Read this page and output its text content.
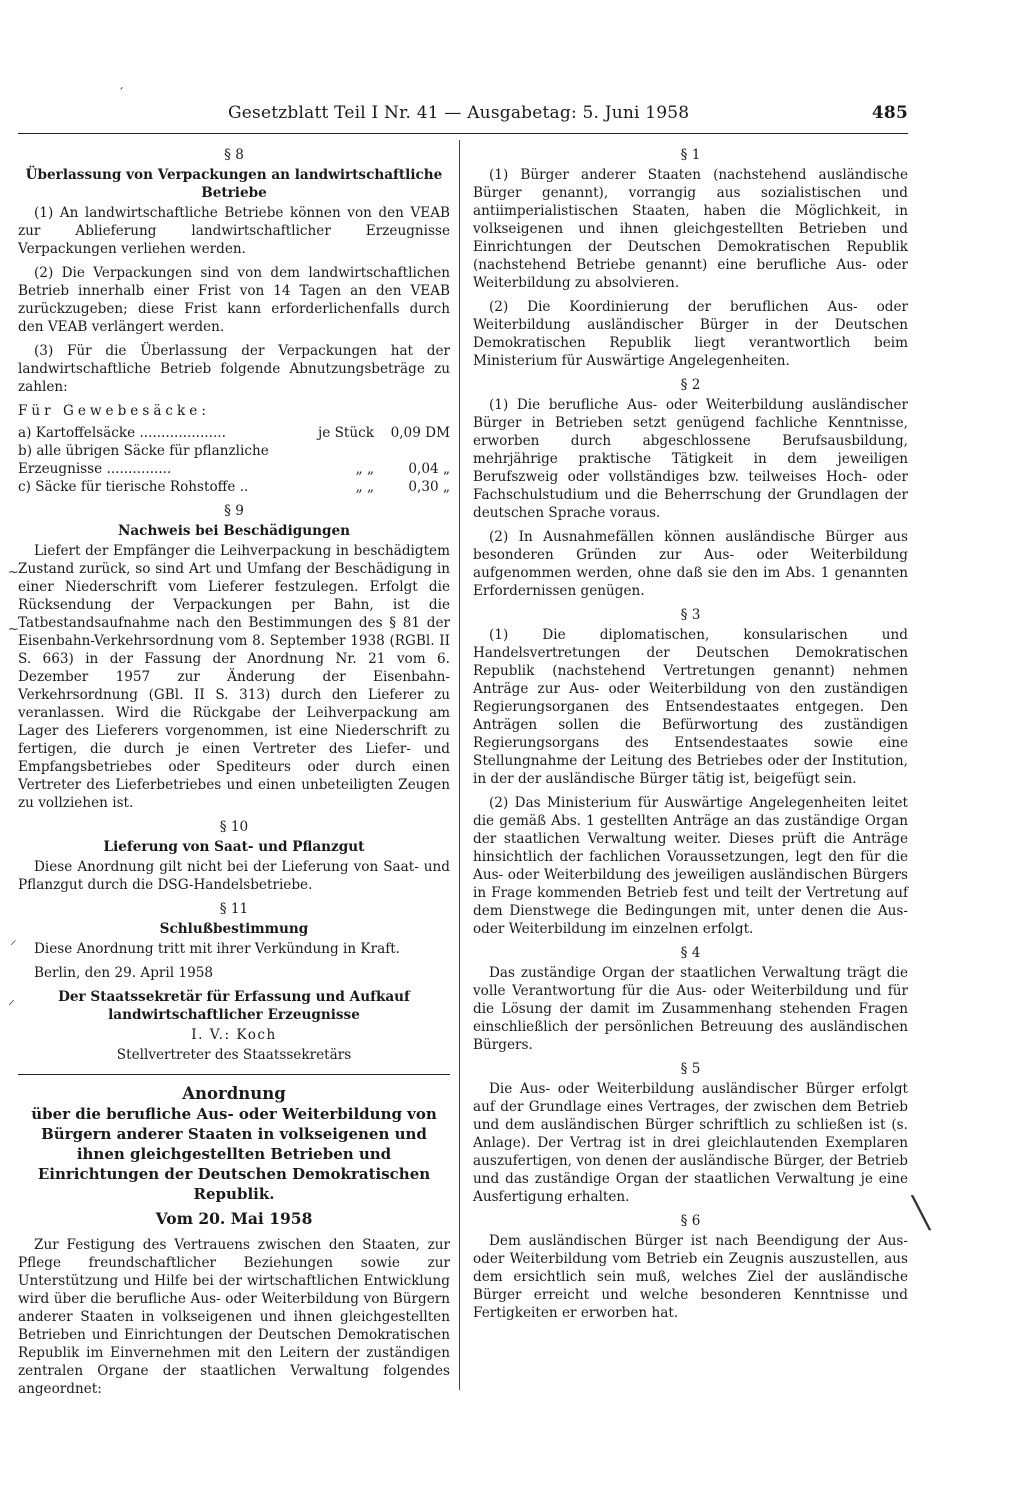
Gesetzblatt Teil I Nr. 41 — Ausgabetag: 5. Juni 1958	485
ˊ
~
~
⸝
⸝
╲
§ 8
Überlassung von Verpackungen an landwirtschaftliche Betriebe

(1) An landwirtschaftliche Betriebe können von den VEAB zur Ablieferung landwirtschaftlicher Erzeugnisse Verpackungen verliehen werden.

(2) Die Verpackungen sind von dem landwirtschaftlichen Betrieb innerhalb einer Frist von 14 Tagen an den VEAB zurückzugeben; diese Frist kann erforderlichenfalls durch den VEAB verlängert werden.

(3) Für die Überlassung der Verpackungen hat der landwirtschaftliche Betrieb folgende Abnutzungsbeträge zu zahlen:

Für Gewebesäcke:
a) Kartoffelsäcke ....................	je Stück	0,09 DM
b) alle übrigen Säcke für pflanzliche Erzeugnisse ...............	„ „	0,04 „
c) Säcke für tierische Rohstoffe ..	„ „	0,30 „
§ 9
Nachweis bei Beschädigungen

Liefert der Empfänger die Leihverpackung in beschädigtem Zustand zurück, so sind Art und Umfang der Beschädigung in einer Niederschrift vom Lieferer festzulegen. Erfolgt die Rücksendung der Verpackungen per Bahn, ist die Tatbestandsaufnahme nach den Bestimmungen des § 81 der Eisenbahn-Verkehrsordnung vom 8. September 1938 (RGBl. II S. 663) in der Fassung der Anordnung Nr. 21 vom 6. Dezember 1957 zur Änderung der Eisenbahn-Verkehrsordnung (GBl. II S. 313) durch den Lieferer zu veranlassen. Wird die Rückgabe der Leihverpackung am Lager des Lieferers vorgenommen, ist eine Niederschrift zu fertigen, die durch je einen Vertreter des Liefer- und Empfangsbetriebes oder Spediteurs oder durch einen Vertreter des Lieferbetriebes und einen unbeteiligten Zeugen zu vollziehen ist.

§ 10
Lieferung von Saat- und Pflanzgut

Diese Anordnung gilt nicht bei der Lieferung von Saat- und Pflanzgut durch die DSG-Handelsbetriebe.

§ 11
Schlußbestimmung

Diese Anordnung tritt mit ihrer Verkündung in Kraft.

Berlin, den 29. April 1958

Der Staatssekretär für Erfassung und Aufkauf landwirtschaftlicher Erzeugnisse
I. V.: Koch
Stellvertreter des Staatssekretärs
Anordnung
über die berufliche Aus- oder Weiterbildung von Bürgern anderer Staaten in volkseigenen und ihnen gleichgestellten Betrieben und Einrichtungen der Deutschen Demokratischen Republik.
Vom 20. Mai 1958

Zur Festigung des Vertrauens zwischen den Staaten, zur Pflege freundschaftlicher Beziehungen sowie zur Unterstützung und Hilfe bei der wirtschaftlichen Entwicklung wird über die berufliche Aus- oder Weiterbildung von Bürgern anderer Staaten in volkseigenen und ihnen gleichgestellten Betrieben und Einrichtungen der Deutschen Demokratischen Republik im Einvernehmen mit den Leitern der zuständigen zentralen Organe der staatlichen Verwaltung folgendes angeordnet:

§ 1

(1) Bürger anderer Staaten (nachstehend ausländische Bürger genannt), vorrangig aus sozialistischen und antiimperialistischen Staaten, haben die Möglichkeit, in volkseigenen und ihnen gleichgestellten Betrieben und Einrichtungen der Deutschen Demokratischen Republik (nachstehend Betriebe genannt) eine berufliche Aus- oder Weiterbildung zu absolvieren.

(2) Die Koordinierung der beruflichen Aus- oder Weiterbildung ausländischer Bürger in der Deutschen Demokratischen Republik liegt verantwortlich beim Ministerium für Auswärtige Angelegenheiten.

§ 2

(1) Die berufliche Aus- oder Weiterbildung ausländischer Bürger in Betrieben setzt genügend fachliche Kenntnisse, erworben durch abgeschlossene Berufsausbildung, mehrjährige praktische Tätigkeit in dem jeweiligen Berufszweig oder vollständiges bzw. teilweises Hoch- oder Fachschulstudium und die Beherrschung der Grundlagen der deutschen Sprache voraus.

(2) In Ausnahmefällen können ausländische Bürger aus besonderen Gründen zur Aus- oder Weiterbildung aufgenommen werden, ohne daß sie den im Abs. 1 genannten Erfordernissen genügen.

§ 3

(1) Die diplomatischen, konsularischen und Handelsvertretungen der Deutschen Demokratischen Republik (nachstehend Vertretungen genannt) nehmen Anträge zur Aus- oder Weiterbildung von den zuständigen Regierungsorganen des Entsendestaates entgegen. Den Anträgen sollen die Befürwortung des zuständigen Regierungsorgans des Entsendestaates sowie eine Stellungnahme der Leitung des Betriebes oder der Institution, in der der ausländische Bürger tätig ist, beigefügt sein.

(2) Das Ministerium für Auswärtige Angelegenheiten leitet die gemäß Abs. 1 gestellten Anträge an das zuständige Organ der staatlichen Verwaltung weiter. Dieses prüft die Anträge hinsichtlich der fachlichen Voraussetzungen, legt den für die Aus- oder Weiterbildung des jeweiligen ausländischen Bürgers in Frage kommenden Betrieb fest und teilt der Vertretung auf dem Dienstwege die Bedingungen mit, unter denen die Aus- oder Weiterbildung im einzelnen erfolgt.

§ 4

Das zuständige Organ der staatlichen Verwaltung trägt die volle Verantwortung für die Aus- oder Weiterbildung und für die Lösung der damit im Zusammenhang stehenden Fragen einschließlich der persönlichen Betreuung des ausländischen Bürgers.

§ 5

Die Aus- oder Weiterbildung ausländischer Bürger erfolgt auf der Grundlage eines Vertrages, der zwischen dem Betrieb und dem ausländischen Bürger schriftlich zu schließen ist (s. Anlage). Der Vertrag ist in drei gleichlautenden Exemplaren auszufertigen, von denen der ausländische Bürger, der Betrieb und das zuständige Organ der staatlichen Verwaltung je eine Ausfertigung erhalten.

§ 6

Dem ausländischen Bürger ist nach Beendigung der Aus- oder Weiterbildung vom Betrieb ein Zeugnis auszustellen, aus dem ersichtlich sein muß, welches Ziel der ausländische Bürger erreicht und welche besonderen Kenntnisse und Fertigkeiten er erworben hat.
